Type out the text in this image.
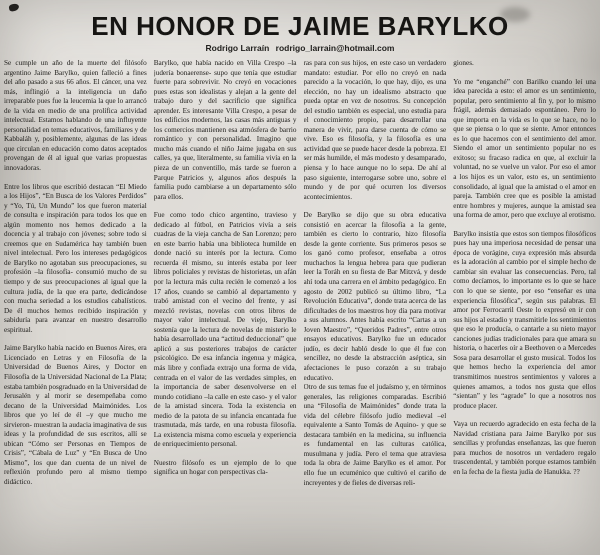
EN HONOR DE JAIME BARYLKO
Rodrigo Larraín rodrigo_larrain@hotmail.com

Se cumple un año de la muerte del filósofo argentino Jaime Barylko, quien falleció a fines del año pasado a sus 66 años. El cáncer, una vez más, inflingió a la inteligencia un daño irreparable pues fue la leucemia la que lo arrancó de la vida en medio de una prolífica actividad intelectual. Estamos hablando de una influyente personalidad en temas educativos, familiares y de Kabbaláh y, posiblemente, algunas de las ideas que circulan en educación como datos aceptados provengan de él al igual que varias propuestas innovadoras.

Entre los libros que escribió destacan “El Miedo a los Hijos”, “En Busca de los Valores Perdidos” y “Yo, Tú, Un Mundo” los que fueron material de consulta e inspiración para todos los que en algún momento nos hemos dedicado a la docencia y al trabajo con jóvenes; sobre todo si creemos que en Sudamérica hay también buen nivel intelectual. Pero los intereses pedagógicos de Barylko no agotaban sus preocupaciones, su profesión –la filosofía- consumió mucho de su tiempo y de sus preocupaciones al igual que la cultura judía, de la que era parte, dedicándose con mucha seriedad a los estudios cabalísticos. De él muchos hemos recibido inspiración y sabiduría para avanzar en nuestro desarrollo espiritual.

Jaime Barylko había nacido en Buenos Aires, era Licenciado en Letras y en Filosofía de la Universidad de Buenos Aires, y Doctor en Filosofía de la Universidad Nacional de La Plata; estaba también posgraduado en la Universidad de Jerusalén y al morir se desempeñaba como decano de la Universidad Maimónides. Los libros que yo leí de él –y que mucho me sirvieron- muestran la audacia imaginativa de sus ideas y la profundidad de sus escritos, allí se ubican “Cómo ser Personas en Tiempos de Crisis”, “Cábala de Luz” y “En Busca de Uno Mismo”, los que dan cuenta de un nivel de reflexión profundo pero al mismo tiempo didáctico.

Barylko, que había nacido en Villa Crespo –la judería bonaerense- supo que tenía que estudiar fuerte para sobrevivir. No creyó en vocaciones pues estas son idealistas y alejan a la gente del trabajo duro y del sacrificio que significa aprender. Es interesante Villa Crespo, a pesar de los edificios modernos, las casas más antiguas y los comercios mantienen esa atmósfera de barrio romántico y con personalidad. Imagino que mucho más cuando el niño Jaime jugaba en sus calles, ya que, literalmente, su familia vivía en la pieza de un conventillo, más tarde se fueron a Parque Patricios y, algunos años después la familia pudo cambiarse a un departamento sólo para ellos.

Fue como todo chico argentino, travieso y dedicado al fútbol, en Patricios vivía a seis cuadras de la vieja cancha de San Lorenzo; pero en este barrio había una biblioteca humilde en donde nació su interés por la lectura. Como recuerda él mismo, su interés estaba por leer libros policiales y revistas de historietas, un afán por la lectura más culta recién le comenzó a los 17 años, cuando se cambió al departamento y trabó amistad con el vecino del frente, y así mezcló revistas, novelas con otros libros de mayor valor intelectual. De viejo, Barylko sostenía que la lectura de novelas de misterio le había desarrollado una “actitud deduccional” que aplicó a sus posteriores trabajos de carácter psicológico. De esa infancia ingenua y mágica, más libre y confiada extrajo una forma de vida, centrada en el valor de las verdades simples, en la importancia de saber desenvolverse en el mundo cotidiano –la calle en este caso- y el valor de la amistad sincera. Toda la existencia en medio de la patota de su infancia encantada fue trasmutada, más tarde, en una robusta filosofía. La existencia misma como escuela y experiencia de enriquecimiento personal.

Nuestro filósofo es un ejemplo de lo que significa un hogar con perspectivas cla-

ras para con sus hijos, en este caso un verdadero mandato: estudiar. Por ello no creyó en nada parecido a la vocación, lo que hay, dijo, es una elección, no hay un idealismo abstracto que pueda optar en vez de nosotros. Su concepción del estudio también es especial, uno estudia para el conocimiento propio, para desarrollar una manera de vivir, para darse cuenta de cómo se vive. Eso es filosofía, y la filosofía es una actividad que se puede hacer desde la pobreza. El ser más humilde, el más modesto y desamparado, piensa y lo hace aunque no lo sepa. De ahí al paso siguiente, interrogarse sobre uno, sobre el mundo y de por qué ocurren los diversos acontecimientos.

De Barylko se dijo que su obra educativa consistió en acercar la filosofía a la gente, también es cierto lo contrario, hizo filosofía desde la gente corriente. Sus primeros pesos se los ganó como profesor, enseñaba a otros muchachos la lengua hebrea para que pudieran leer la Toráh en su fiesta de Bar Mitzvá, y desde ahí toda una carrera en el ámbito pedagógico. En agosto de 2002 publicó su último libro, “La Revolución Educativa”, donde trata acerca de las dificultades de los maestros hoy día para motivar a sus alumnos. Antes había escrito “Cartas a un Joven Maestro”, “Queridos Padres”, entre otros ensayos educativos. Barylko fue un educador judío, es decir habló desde lo que él fue con sencillez, no desde la abstracción aséptica, sin afectaciones le puso corazón a su trabajo educativo.

Otro de sus temas fue el judaísmo y, en términos generales, las religiones comparadas. Escribió una “Filosofía de Maimónides” donde trata la vida del célebre filósofo judío medieval –el equivalente a Santo Tomás de Aquino- y que se destacara también en la medicina, su influencia es fundamental en las culturas católica, musulmana y judía. Pero el tema que atraviesa toda la obra de Jaime Barylko es el amor. Por ello fue un ecuménico que cultivó el cariño de increyentes y de fieles de diversas reli-

giones.

Yo me “enganché” con Barilko cuando leí una idea parecida a esto: el amor es un sentimiento, popular, pero sentimiento al fin y, por lo mismo frágil, además demasiado espontáneo. Pero lo que importa en la vida es lo que se hace, no lo que se piensa o lo que se siente. Amor entonces es lo que hacemos con el sentimiento del amor. Siendo el amor un sentimiento popular no es exitoso; su fracaso radica en que, al excluir la voluntad, no se vuelve un valor. Por eso el amor a los hijos es un valor, esto es, un sentimiento consolidado, al igual que la amistad o el amor en pareja. También cree que es posible la amistad entre hombres y mujeres, aunque la amistad sea una forma de amor, pero que excluye al erotismo.

Barylko insistía que estos son tiempos filosóficos pues hay una imperiosa necesidad de pensar una época de vorágine, cuya expresión más absurda es la adoración al cambio por el simple hecho de cambiar sin evaluar las consecuencias. Pero, tal como decíamos, lo importante es lo que se hace con lo que se siente, por eso “enseñar es una experiencia filosófica”, según sus palabras. El amor por Ferrocarril Oeste lo expresó en ir con sus hijos al estadio y transmitirle los sentimientos que eso le producía, o cantarle a su nieto mayor canciones judías tradicionales para que amara su historia, o hacerles oír a Beethoven o a Mercedes Sosa para desarrollar el gusto musical. Todos los que hemos hecho la experiencia del amor transmitimos nuestros sentimientos y valores a quienes amamos, a todos nos gusta que ellos “sientan” y les “agrade” lo que a nosotros nos produce placer.

Vaya un recuerdo agradecido en esta fecha de la Navidad cristiana para Jaime Barylko por sus sencillas y profundas enseñanzas, las que fueron para muchos de nosotros un verdadero regalo trascendental, y también porque estamos también en la fecha de la fiesta judía de Hanukka. ??
